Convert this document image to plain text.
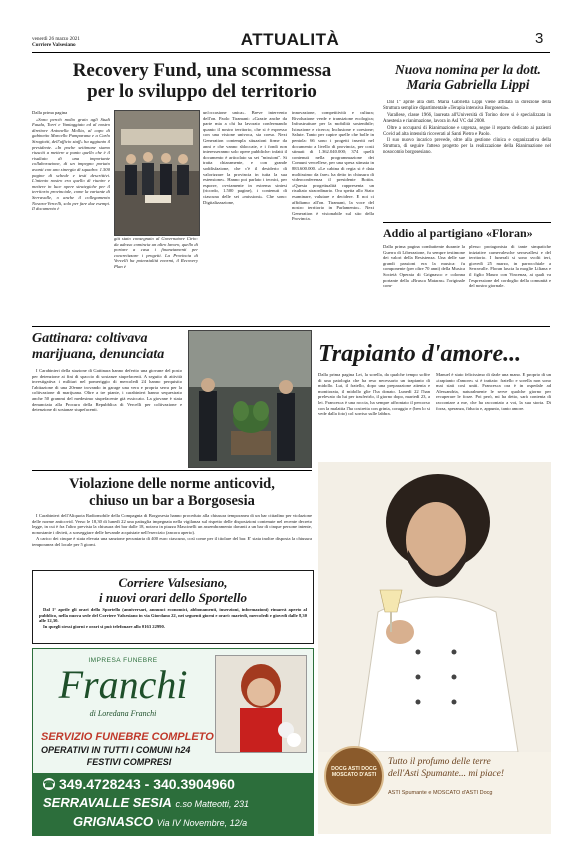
venerdì 26 marzo 2021
Corriere Valsesiano	ATTUALITÀ	3
Recovery Fund, una scommessa
per lo sviluppo del territorio

Dalla prima pagina

«Sono perciò molto grato agli Studi Fauda, Torri e Vantaggiato ed al nostro direttore Antonella Mollia, al capo di gabinetto Marcello Pamparana e a Carlo Stragiotti, dell'ufficio staff» ha aggiunto il presidente. «In poche settimane siamo riusciti a mettere a punto quello che è il risultato di una importante collaborazione, di un impegno portato avanti con uno sinergia di squadra: 1.500 pagine di schede e testi descrittivi. L'intento nostro era quello di riunire e mettere in luce opere strategiche per il territorio provinciale, come la variante di Serravalle, o anche il collegamento Novara-Vercelli, solo per fare due esempi. Il documento è

già stato consegnato al Governatore Cirio: da adesso comincia un altro lavoro, quello di portare a casa i finanziamenti per concretizzare i progetti. La Provincia di Vercelli ha potenzialità enormi, il Recovery Plan è

un'occasione unica». Breve intervento dell'on. Paolo Tiramani: «Grazie anche da parte mia a chi ha lavorato confermando quanto il nostro territorio, che si è espresso con una visione univoca, sia coeso. Next Generation contempla situazioni firme da anni e che vanno sbloccate, e i fondi non interesseranno solo opere pubbliche: infatti il documento è articolato su sei "missioni". Si tratta chiaramente, e con grande soddisfazione, che c'è il desiderio di valorizzare la provincia in tutta la sua estensione». Hanno poi parlato i tecnici, per esporre, ovviamente in estrema sintesi (ricordo, 1.500 pagine), i contenuti di ciascuna delle sei «missioni». Che sono: Digitalizzazione,

innovazione, competitività e cultura; Rivoluzione verde e transizione ecologica; Infrastrutture per la mobilità sostenibile; Istruzione e ricerca; Inclusione e coesione; Salute. Tanto per capire quelle che bolle in pentola: 66 sono i progetti inseriti nel documento a livello di provincia, per costi stimati di 1.362.040.000; 374 quelli contenuti nella programmazione dei Comuni vercellese, per una spesa stimata in 883.600.000. «Le cabina di regia si è data moltissimo da fare» ha detto in chiusura di videoconferenza il presidente Bottin. «Questa progettualità rappresenta un risultato straordinario. Ora spetta allo Stato esaminare, valutare e decidere. E noi ci affidiamo all'on. Tiramani, la voce del nostro territorio in Parlamento». Next Generation è visionabile sul sito della Provincia.

Nuova nomina per la dott.
Maria Gabriella Lippi

Dal 1° aprile alla dott. Maria Gabriella Lippi viene affidata la direzione della Struttura semplice dipartimentale «Terapia intensiva Borgosesia».

Varallese, classe 1966, laureata all'Università di Torino dove si è specializzata in Anestesia e rianimazione, lavora in AsI VC dal 2008.

Oltre a occuparsi di Rianimazione e urgenza, segue il reparto dedicato ai pazienti Covid ad alta intensità ricoverati al Santi Pietro e Paolo.

Il suo nuovo incarico prevede, oltre alla gestione clinica e organizzativa della Struttura, di seguire l'atteso progetto per la realizzazione della Rianimazione nel nosocomio borgosesiano.

Addio al partigiano «Floran»

Dalla prima pagina combattente durante la Guerra di Liberazione, fu sempre testimone dei valori della Resistenza. Una delle sue grandi passioni era la musica: fu componente (per oltre 70 anni) della Musica Società Operaia di Grignasco e colonna portante della «Brusca Mataras» l'originale com-

plesso protagonista di tante simpatiche iniziative carnevalesche serravallesi e del territorio. I funerali si sono svolti ieri, giovedì 25 marzo, in parrocchiale a Serravalle. Floran lascia la moglie Liliana e il figlio Mauro con Vincenza, ai quali va l'espressione del cordoglio della comunità e del nostro giornale.

Gattinara: coltivava
marijuana, denunciata

I Carabinieri della stazione di Gattinara hanno deferito una giovane del posto per detenzione ai fini di spaccio di sostanze stupefacenti. A seguito di attività investigativa i militari nel pomeriggio di mercoledì 24 hanno perquisito l'abitazione di una 20enne trovando in garage una vera e propria serra per la coltivazione di marijuana. Oltre a tre piante, i carabinieri hanno sequestrato anche 50 grammi del medesimo stupefacente già essiccato. La giovane è stata denunciata alla Procura della Repubblica di Vercelli per coltivazione e detenzione di sostanze stupefacenti.

Trapianto d'amore...

Dalla prima pagina Lei, la sorella, da qualche tempo soffre di una patologia che ha reso necessario un trapianto di midollo. Lui, il fratello, dopo una preparazione attenta e monitorata, il midollo glie l'ha donato. Lunedì 22 l'han prelevato da lui per trasferirlo, il giorno dopo, martedì 23, a lei. Francesca è una roccia, ha sempre affrontato il percorso con la malattia l'ha costretta con grinta, coraggio e (ben lo si vede dalla foto) col sorriso sulle labbra.

Manuel è stato felicissimo di darle una mano. E proprio di un «trapianto d'amore» si è trattato: fratello e sorella non sono mai stati così uniti. Francesca ora è in ospedale ad Alessandria, naturalmente le serve qualche giorno per recuperare le forze. Poi però, mi ha detto, sarà contenta di raccontare a me, che ha raccontato a voi, la sua storia. Di forza, speranza, fiducia e, appunto, tanto amore.

Violazione delle norme anticovid,
chiuso un bar a Borgosesia

I Carabinieri dell'Aliquota Radiomobile della Compagnia di Borgosesia hanno proceduto alla chiusura temporanea di un bar cittadino per violazione delle norme anticovid. Verso le 18,30 di lunedì 22 una pattuglia impegnata nella vigilanza sul rispetto delle disposizioni contenute nel recente decreto legge, in cui è fra l'altro prevista la chiusura dei bar dalle 18, notava in piazza Mascinelli un assembramento davanti a un bar di cinque persone intente, nonostante i divieti, a sorseggiare delle bevande acquistate nell'esercizio (ancora aperto).

A carico dei cinque è stata elevata una sanzione pecuniaria di 400 euro ciascuno, così come per il titolare del bar. E' stata inoltre disposta la chiusura temporanea del locale per 5 giorni.

Corriere Valsesiano,
i nuovi orari dello Sportello

Dal 1° aprile gli orari dello Sportello (anniversari, annunci economici, abbonamenti, inserzioni, informazioni) rimarrà aperto al pubblico, nella nuova sede del Corriere Valsesiano in via Giordano 22, nei seguenti giorni e orari: martedì, mercoledì e giovedì dalle 8,30 alle 12,30.

In quegli stessi giorni e orari si può telefonare allo 0163 22990.

IMPRESA FUNEBRE
Franchi
di Loredana Franchi
SERVIZIO FUNEBRE COMPLETO
OPERATIVI IN TUTTI I COMUNI h24
FESTIVI COMPRESI
☎ 349.4728243 - 340.3904960
SERRAVALLE SESIA c.so Matteotti, 231
GRIGNASCO Via IV Novembre, 12/a
DOCG ASTI DOCG MOSCATO D'ASTI
Tutto il profumo delle terre
dell'Asti Spumante... mi piace!
ASTI Spumante e MOSCATO d'ASTI Docg
